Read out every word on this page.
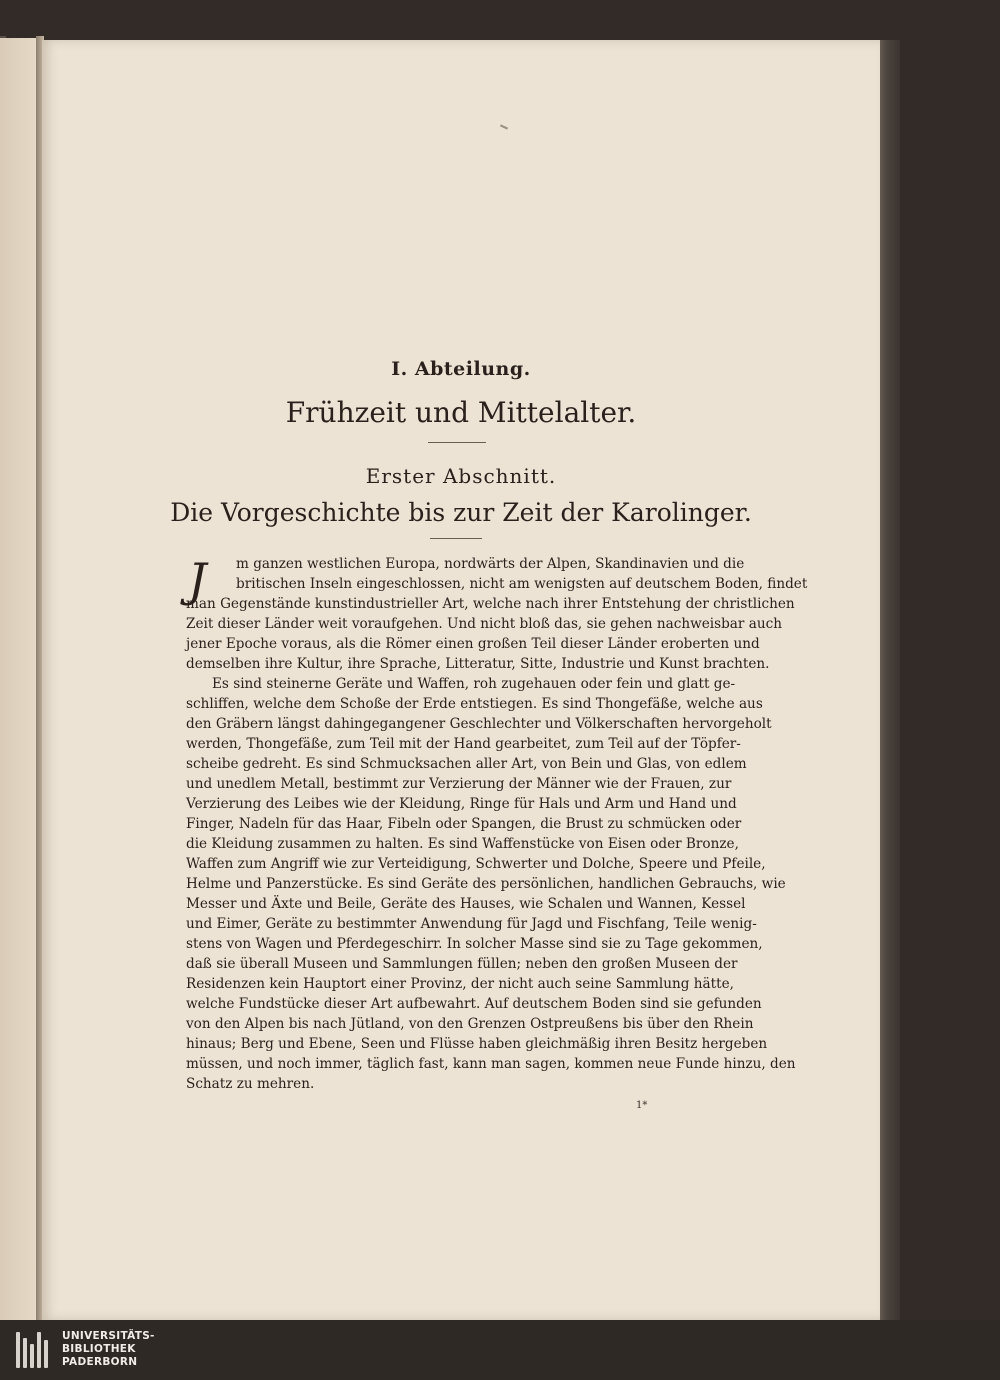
I. Abteilung.
Frühzeit und Mittelalter.
Erster Abschnitt.
Die Vorgeschichte bis zur Zeit der Karolinger.
J	m ganzen westlichen Europa, nordwärts der Alpen, Skandinavien und die
britischen Inseln eingeschlossen, nicht am wenigsten auf deutschem Boden, findet
man Gegenstände kunstindustrieller Art, welche nach ihrer Entstehung der christlichen
Zeit dieser Länder weit voraufgehen. Und nicht bloß das, sie gehen nachweisbar auch
jener Epoche voraus, als die Römer einen großen Teil dieser Länder eroberten und
demselben ihre Kultur, ihre Sprache, Litteratur, Sitte, Industrie und Kunst brachten.
Es sind steinerne Geräte und Waffen, roh zugehauen oder fein und glatt ge-
schliffen, welche dem Schoße der Erde entstiegen. Es sind Thongefäße, welche aus
den Gräbern längst dahingegangener Geschlechter und Völkerschaften hervorgeholt
werden, Thongefäße, zum Teil mit der Hand gearbeitet, zum Teil auf der Töpfer-
scheibe gedreht. Es sind Schmucksachen aller Art, von Bein und Glas, von edlem
und unedlem Metall, bestimmt zur Verzierung der Männer wie der Frauen, zur
Verzierung des Leibes wie der Kleidung, Ringe für Hals und Arm und Hand und
Finger, Nadeln für das Haar, Fibeln oder Spangen, die Brust zu schmücken oder
die Kleidung zusammen zu halten. Es sind Waffenstücke von Eisen oder Bronze,
Waffen zum Angriff wie zur Verteidigung, Schwerter und Dolche, Speere und Pfeile,
Helme und Panzerstücke. Es sind Geräte des persönlichen, handlichen Gebrauchs, wie
Messer und Äxte und Beile, Geräte des Hauses, wie Schalen und Wannen, Kessel
und Eimer, Geräte zu bestimmter Anwendung für Jagd und Fischfang, Teile wenig-
stens von Wagen und Pferdegeschirr. In solcher Masse sind sie zu Tage gekommen,
daß sie überall Museen und Sammlungen füllen; neben den großen Museen der
Residenzen kein Hauptort einer Provinz, der nicht auch seine Sammlung hätte,
welche Fundstücke dieser Art aufbewahrt. Auf deutschem Boden sind sie gefunden
von den Alpen bis nach Jütland, von den Grenzen Ostpreußens bis über den Rhein
hinaus; Berg und Ebene, Seen und Flüsse haben gleichmäßig ihren Besitz hergeben
müssen, und noch immer, täglich fast, kann man sagen, kommen neue Funde hinzu, den
Schatz zu mehren.
1*
UNIVERSITÄTS-
BIBLIOTHEK
PADERBORN
